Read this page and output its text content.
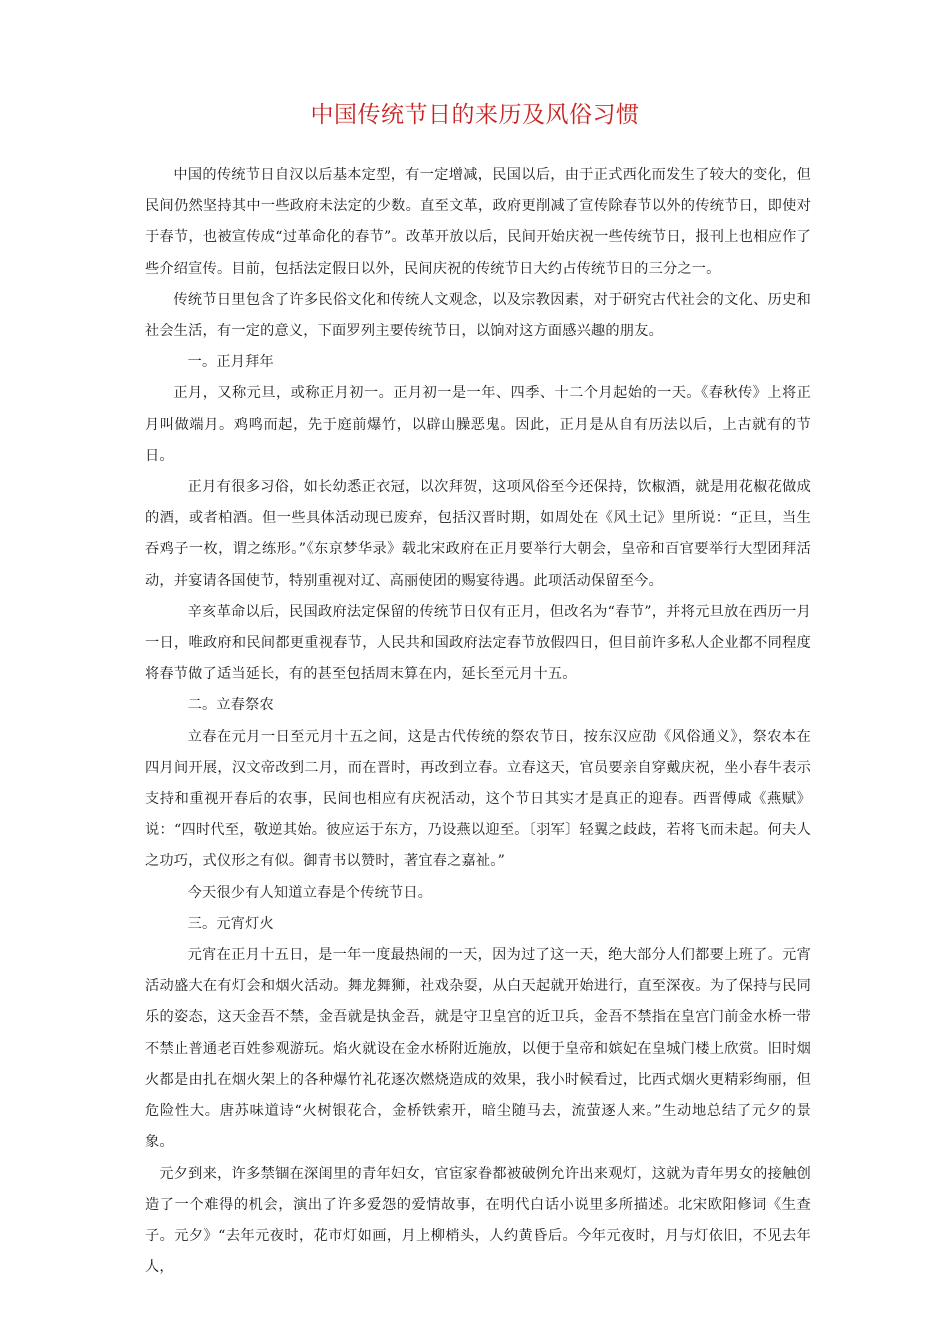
中国传统节日的来历及风俗习惯

中国的传统节日自汉以后基本定型，有一定增减，民国以后，由于正式西化而发生了较大的变化，但民间仍然坚持其中一些政府未法定的少数。直至文革，政府更削减了宣传除春节以外的传统节日，即使对于春节，也被宣传成“过革命化的春节”。改革开放以后，民间开始庆祝一些传统节日，报刊上也相应作了些介绍宣传。目前，包括法定假日以外，民间庆祝的传统节日大约占传统节日的三分之一。

传统节日里包含了许多民俗文化和传统人文观念，以及宗教因素，对于研究古代社会的文化、历史和社会生活，有一定的意义，下面罗列主要传统节日，以饷对这方面感兴趣的朋友。

一。正月拜年

正月，又称元旦，或称正月初一。正月初一是一年、四季、十二个月起始的一天。《春秋传》上将正月叫做端月。鸡鸣而起，先于庭前爆竹，以辟山臊恶鬼。因此，正月是从自有历法以后，上古就有的节日。

正月有很多习俗，如长幼悉正衣冠，以次拜贺，这项风俗至今还保持，饮椒酒，就是用花椒花做成的酒，或者柏酒。但一些具体活动现已废弃，包括汉晋时期，如周处在《风土记》里所说：“正旦，当生吞鸡子一枚，谓之练形。”《东京梦华录》载北宋政府在正月要举行大朝会，皇帝和百官要举行大型团拜活动，并宴请各国使节，特别重视对辽、高丽使团的赐宴待遇。此项活动保留至今。

辛亥革命以后，民国政府法定保留的传统节日仅有正月，但改名为“春节”，并将元旦放在西历一月一日，唯政府和民间都更重视春节，人民共和国政府法定春节放假四日，但目前许多私人企业都不同程度将春节做了适当延长，有的甚至包括周末算在内，延长至元月十五。

二。立春祭农

立春在元月一日至元月十五之间，这是古代传统的祭农节日，按东汉应劭《风俗通义》，祭农本在四月间开展，汉文帝改到二月，而在晋时，再改到立春。立春这天，官员要亲自穿戴庆祝，坐小春牛表示支持和重视开春后的农事，民间也相应有庆祝活动，这个节日其实才是真正的迎春。西晋傅咸《燕赋》说：“四时代至，敬逆其始。彼应运于东方，乃设燕以迎至。〔羽军〕轻翼之歧歧，若将飞而未起。何夫人之功巧，式仪形之有似。御青书以赞时，著宜春之嘉祉。”

今天很少有人知道立春是个传统节日。

三。元宵灯火

元宵在正月十五日，是一年一度最热闹的一天，因为过了这一天，绝大部分人们都要上班了。元宵活动盛大在有灯会和烟火活动。舞龙舞狮，社戏杂耍，从白天起就开始进行，直至深夜。为了保持与民同乐的姿态，这天金吾不禁，金吾就是执金吾，就是守卫皇宫的近卫兵，金吾不禁指在皇宫门前金水桥一带不禁止普通老百姓参观游玩。焰火就设在金水桥附近施放，以便于皇帝和嫔妃在皇城门楼上欣赏。旧时烟火都是由扎在烟火架上的各种爆竹礼花逐次燃烧造成的效果，我小时候看过，比西式烟火更精彩绚丽，但危险性大。唐苏味道诗“火树银花合，金桥铁索开，暗尘随马去，流萤逐人来。”生动地总结了元夕的景象。

元夕到来，许多禁锢在深闺里的青年妇女，官宦家眷都被破例允许出来观灯，这就为青年男女的接触创造了一个难得的机会，演出了许多爱怨的爱情故事，在明代白话小说里多所描述。北宋欧阳修词《生查子。元夕》“去年元夜时，花市灯如画，月上柳梢头，人约黄昏后。今年元夜时，月与灯依旧，不见去年人，
